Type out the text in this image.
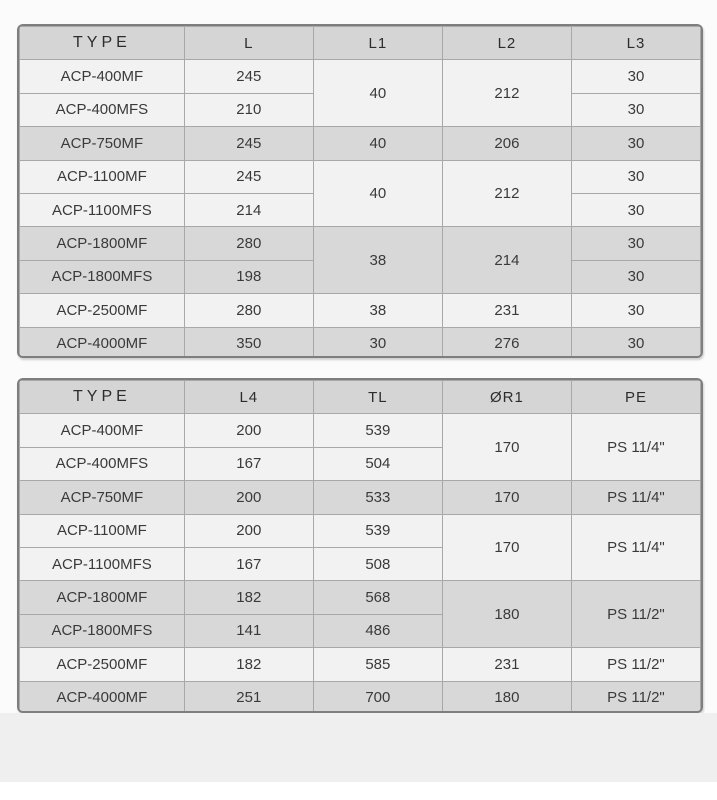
TYPE	L	L1	L2	L3
ACP-400MF	245	40	212	30
ACP-400MFS	210			30
ACP-750MF	245	40	206	30
ACP-1100MF	245	40	212	30
ACP-1100MFS	214			30
ACP-1800MF	280	38	214	30
ACP-1800MFS	198			30
ACP-2500MF	280	38	231	30
ACP-4000MF	350	30	276	30
TYPE	L4	TL	ØR1	PE
ACP-400MF	200	539	170	PS 11/4"
ACP-400MFS	167	504		
ACP-750MF	200	533	170	PS 11/4"
ACP-1100MF	200	539	170	PS 11/4"
ACP-1100MFS	167	508		
ACP-1800MF	182	568	180	PS 11/2"
ACP-1800MFS	141	486		
ACP-2500MF	182	585	231	PS 11/2"
ACP-4000MF	251	700	180	PS 11/2"
